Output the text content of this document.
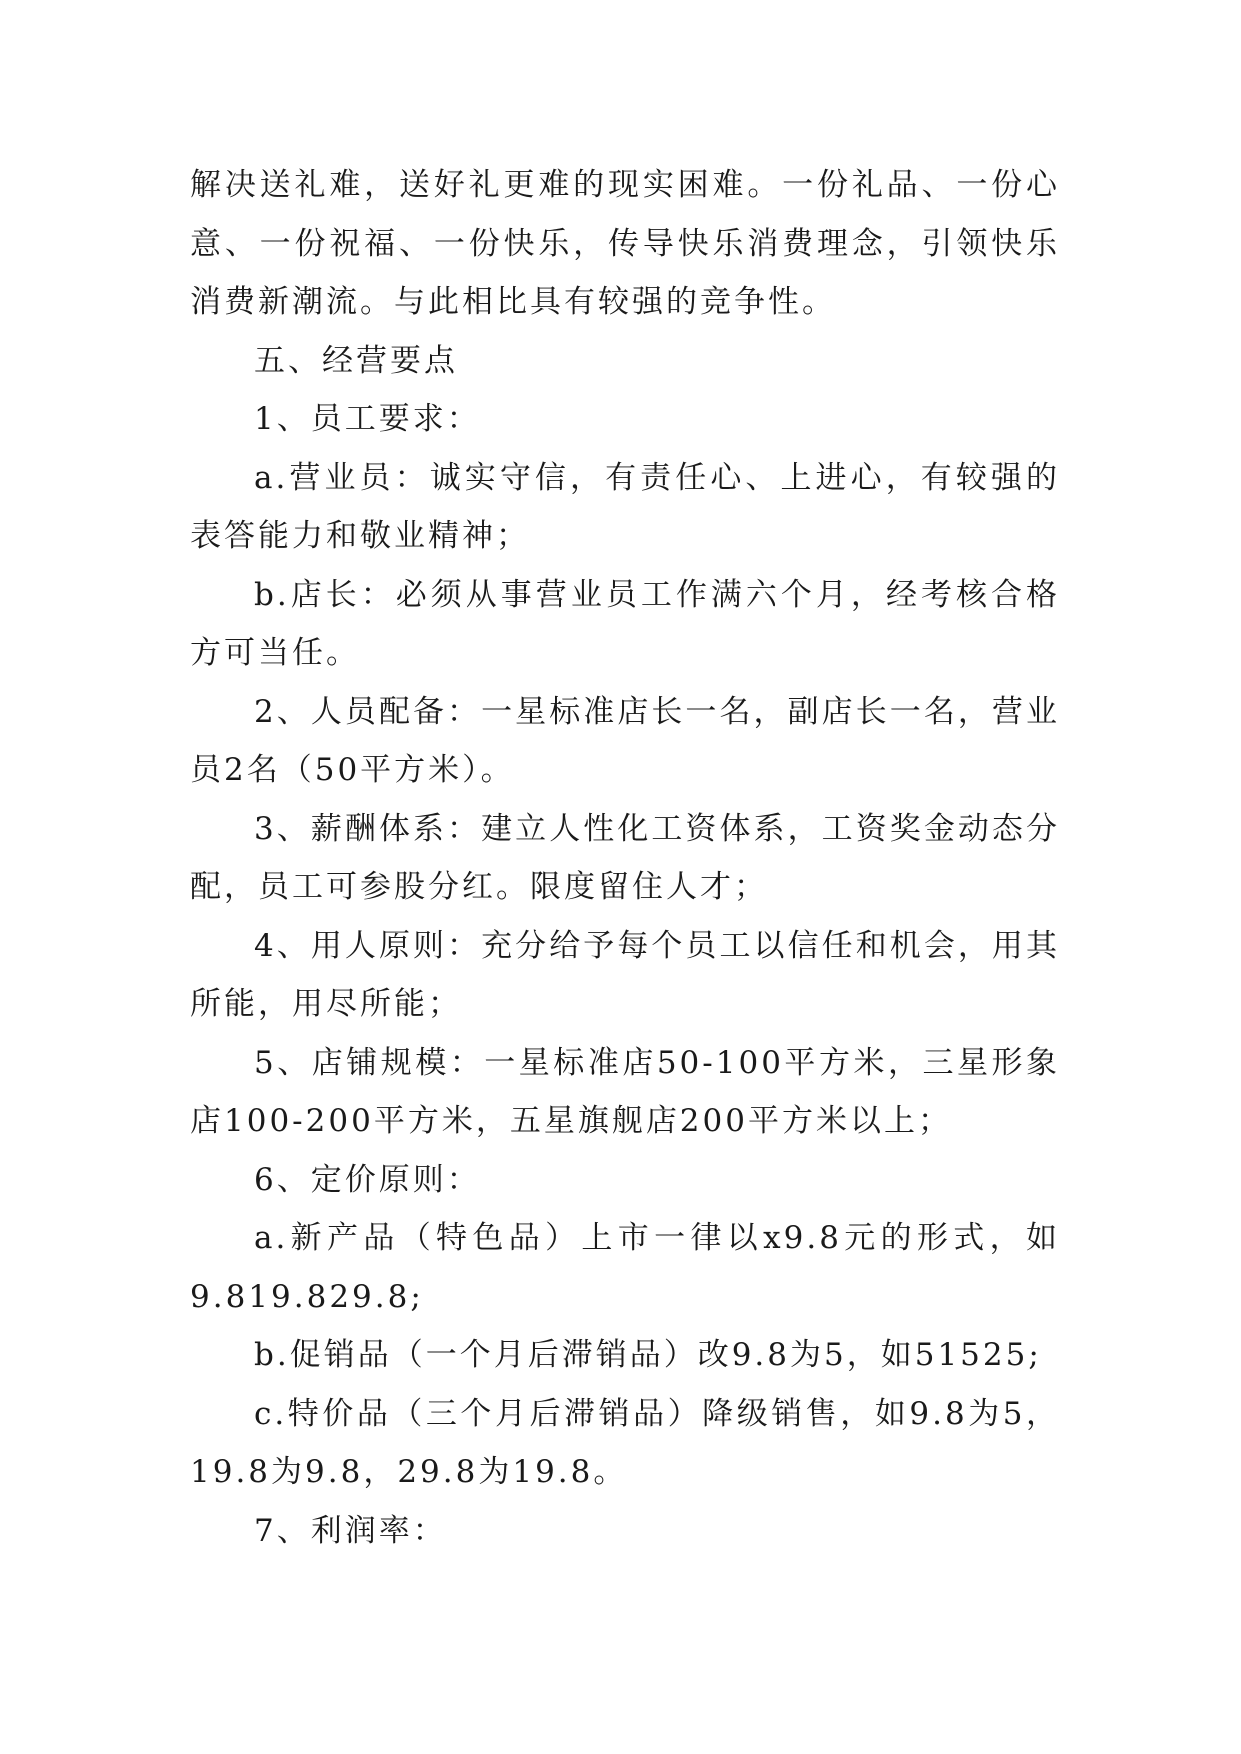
解决送礼难，送好礼更难的现实困难。一份礼品、一份心意、一份祝福、一份快乐，传导快乐消费理念，引领快乐消费新潮流。与此相比具有较强的竞争性。

五、经营要点

1、员工要求：

a.营业员：诚实守信，有责任心、上进心，有较强的表答能力和敬业精神；

b.店长：必须从事营业员工作满六个月，经考核合格方可当任。

2、人员配备：一星标准店长一名，副店长一名，营业员2名（50平方米）。

3、薪酬体系：建立人性化工资体系，工资奖金动态分配，员工可参股分红。限度留住人才；

4、用人原则：充分给予每个员工以信任和机会，用其所能，用尽所能；

5、店铺规模：一星标准店50-100平方米，三星形象店100-200平方米，五星旗舰店200平方米以上；

6、定价原则：

a.新产品（特色品）上市一律以x9.8元的形式，如9.819.829.8;

b.促销品（一个月后滞销品）改9.8为5，如51525;

c.特价品（三个月后滞销品）降级销售，如9.8为5，19.8为9.8，29.8为19.8。

7、利润率：
